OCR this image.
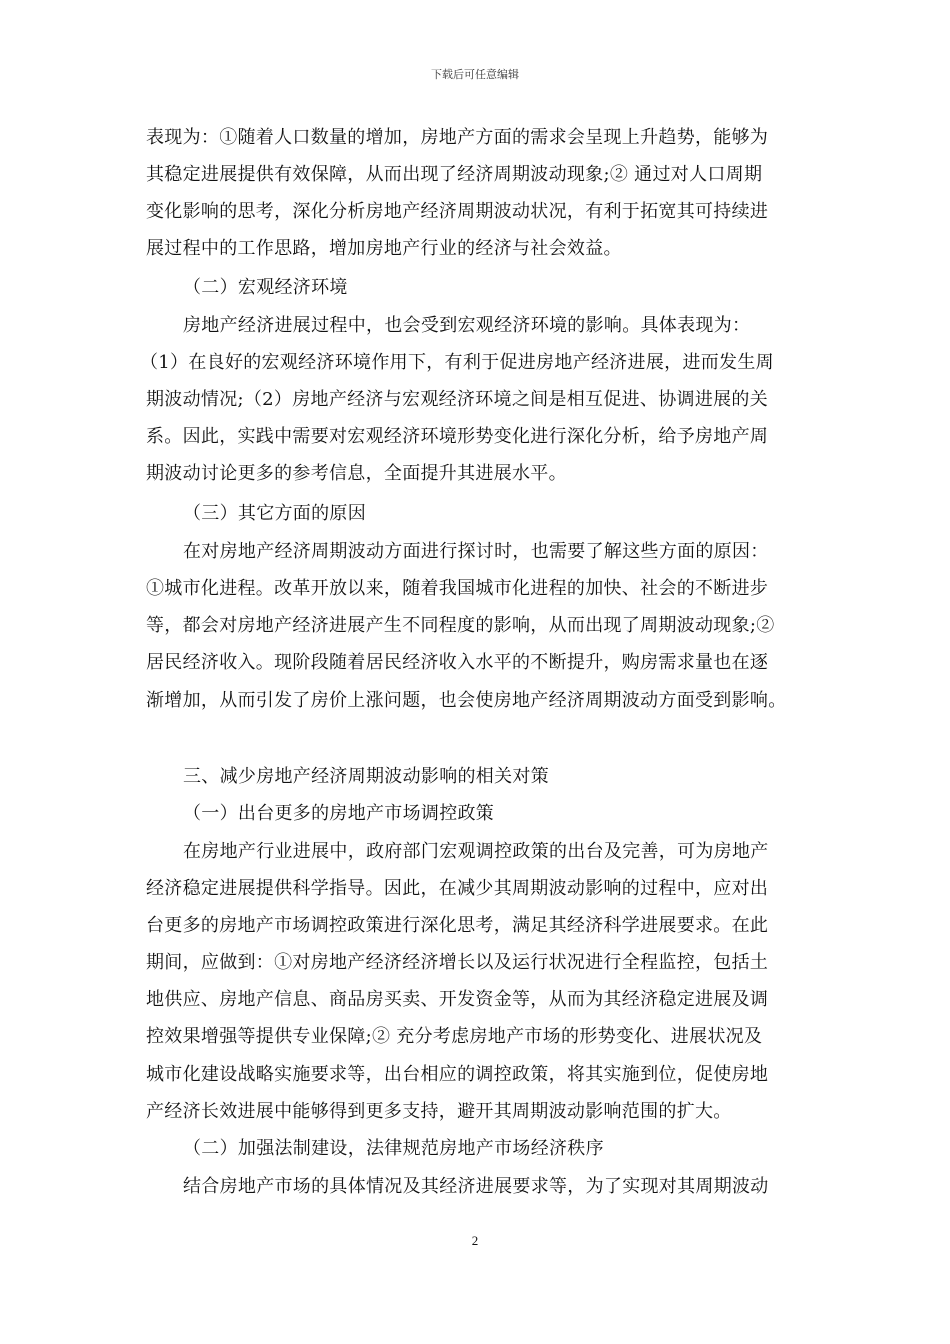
下载后可任意编辑
表现为：①随着人口数量的增加，房地产方面的需求会呈现上升趋势，能够为
其稳定进展提供有效保障，从而出现了经济周期波动现象;② 通过对人口周期
变化影响的思考，深化分析房地产经济周期波动状况，有利于拓宽其可持续进
展过程中的工作思路，增加房地产行业的经济与社会效益。
（二）宏观经济环境
房地产经济进展过程中，也会受到宏观经济环境的影响。具体表现为：
（1）在良好的宏观经济环境作用下，有利于促进房地产经济进展，进而发生周
期波动情况;（2）房地产经济与宏观经济环境之间是相互促进、协调进展的关
系。因此，实践中需要对宏观经济环境形势变化进行深化分析，给予房地产周
期波动讨论更多的参考信息，全面提升其进展水平。
（三）其它方面的原因
在对房地产经济周期波动方面进行探讨时，也需要了解这些方面的原因：
①城市化进程。改革开放以来，随着我国城市化进程的加快、社会的不断进步
等，都会对房地产经济进展产生不同程度的影响，从而出现了周期波动现象;②
居民经济收入。现阶段随着居民经济收入水平的不断提升，购房需求量也在逐
渐增加，从而引发了房价上涨问题，也会使房地产经济周期波动方面受到影响。
三、减少房地产经济周期波动影响的相关对策
（一）出台更多的房地产市场调控政策
在房地产行业进展中，政府部门宏观调控政策的出台及完善，可为房地产
经济稳定进展提供科学指导。因此，在减少其周期波动影响的过程中，应对出
台更多的房地产市场调控政策进行深化思考，满足其经济科学进展要求。在此
期间，应做到：①对房地产经济经济增长以及运行状况进行全程监控，包括土
地供应、房地产信息、商品房买卖、开发资金等，从而为其经济稳定进展及调
控效果增强等提供专业保障;② 充分考虑房地产市场的形势变化、进展状况及
城市化建设战略实施要求等，出台相应的调控政策，将其实施到位，促使房地
产经济长效进展中能够得到更多支持，避开其周期波动影响范围的扩大。
（二）加强法制建设，法律规范房地产市场经济秩序
结合房地产市场的具体情况及其经济进展要求等，为了实现对其周期波动
2
